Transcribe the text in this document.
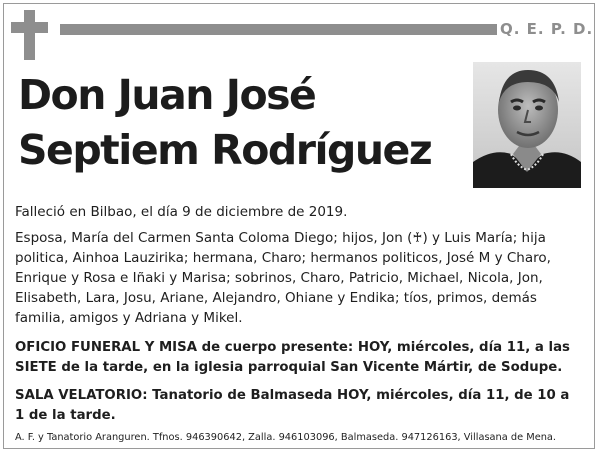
Q. E. P. D.
Don Juan José
Septiem Rodríguez
Falleció en Bilbao, el día 9 de diciembre de 2019.
Esposa, María del Carmen Santa Coloma Diego; hijos, Jon (♰) y Luis María; hija politica, Ainhoa Lauzirika; hermana, Charo; hermanos politicos, José M y Charo, Enrique y Rosa e Iñaki y Marisa; sobrinos, Charo, Patricio, Michael, Nicola, Jon, Elisabeth, Lara, Josu, Ariane, Alejandro, Ohiane y Endika; tíos, primos, demás familia, amigos y Adriana y Mikel.
OFICIO FUNERAL Y MISA de cuerpo presente: HOY, miércoles, día 11, a las SIETE de la tarde, en la iglesia parroquial San Vicente Mártir, de Sodupe.
SALA VELATORIO: Tanatorio de Balmaseda HOY, miércoles, día 11, de 10 a 1 de la tarde.
A. F. y Tanatorio Aranguren. Tfnos. 946390642, Zalla. 946103096, Balmaseda. 947126163, Villasana de Mena.
